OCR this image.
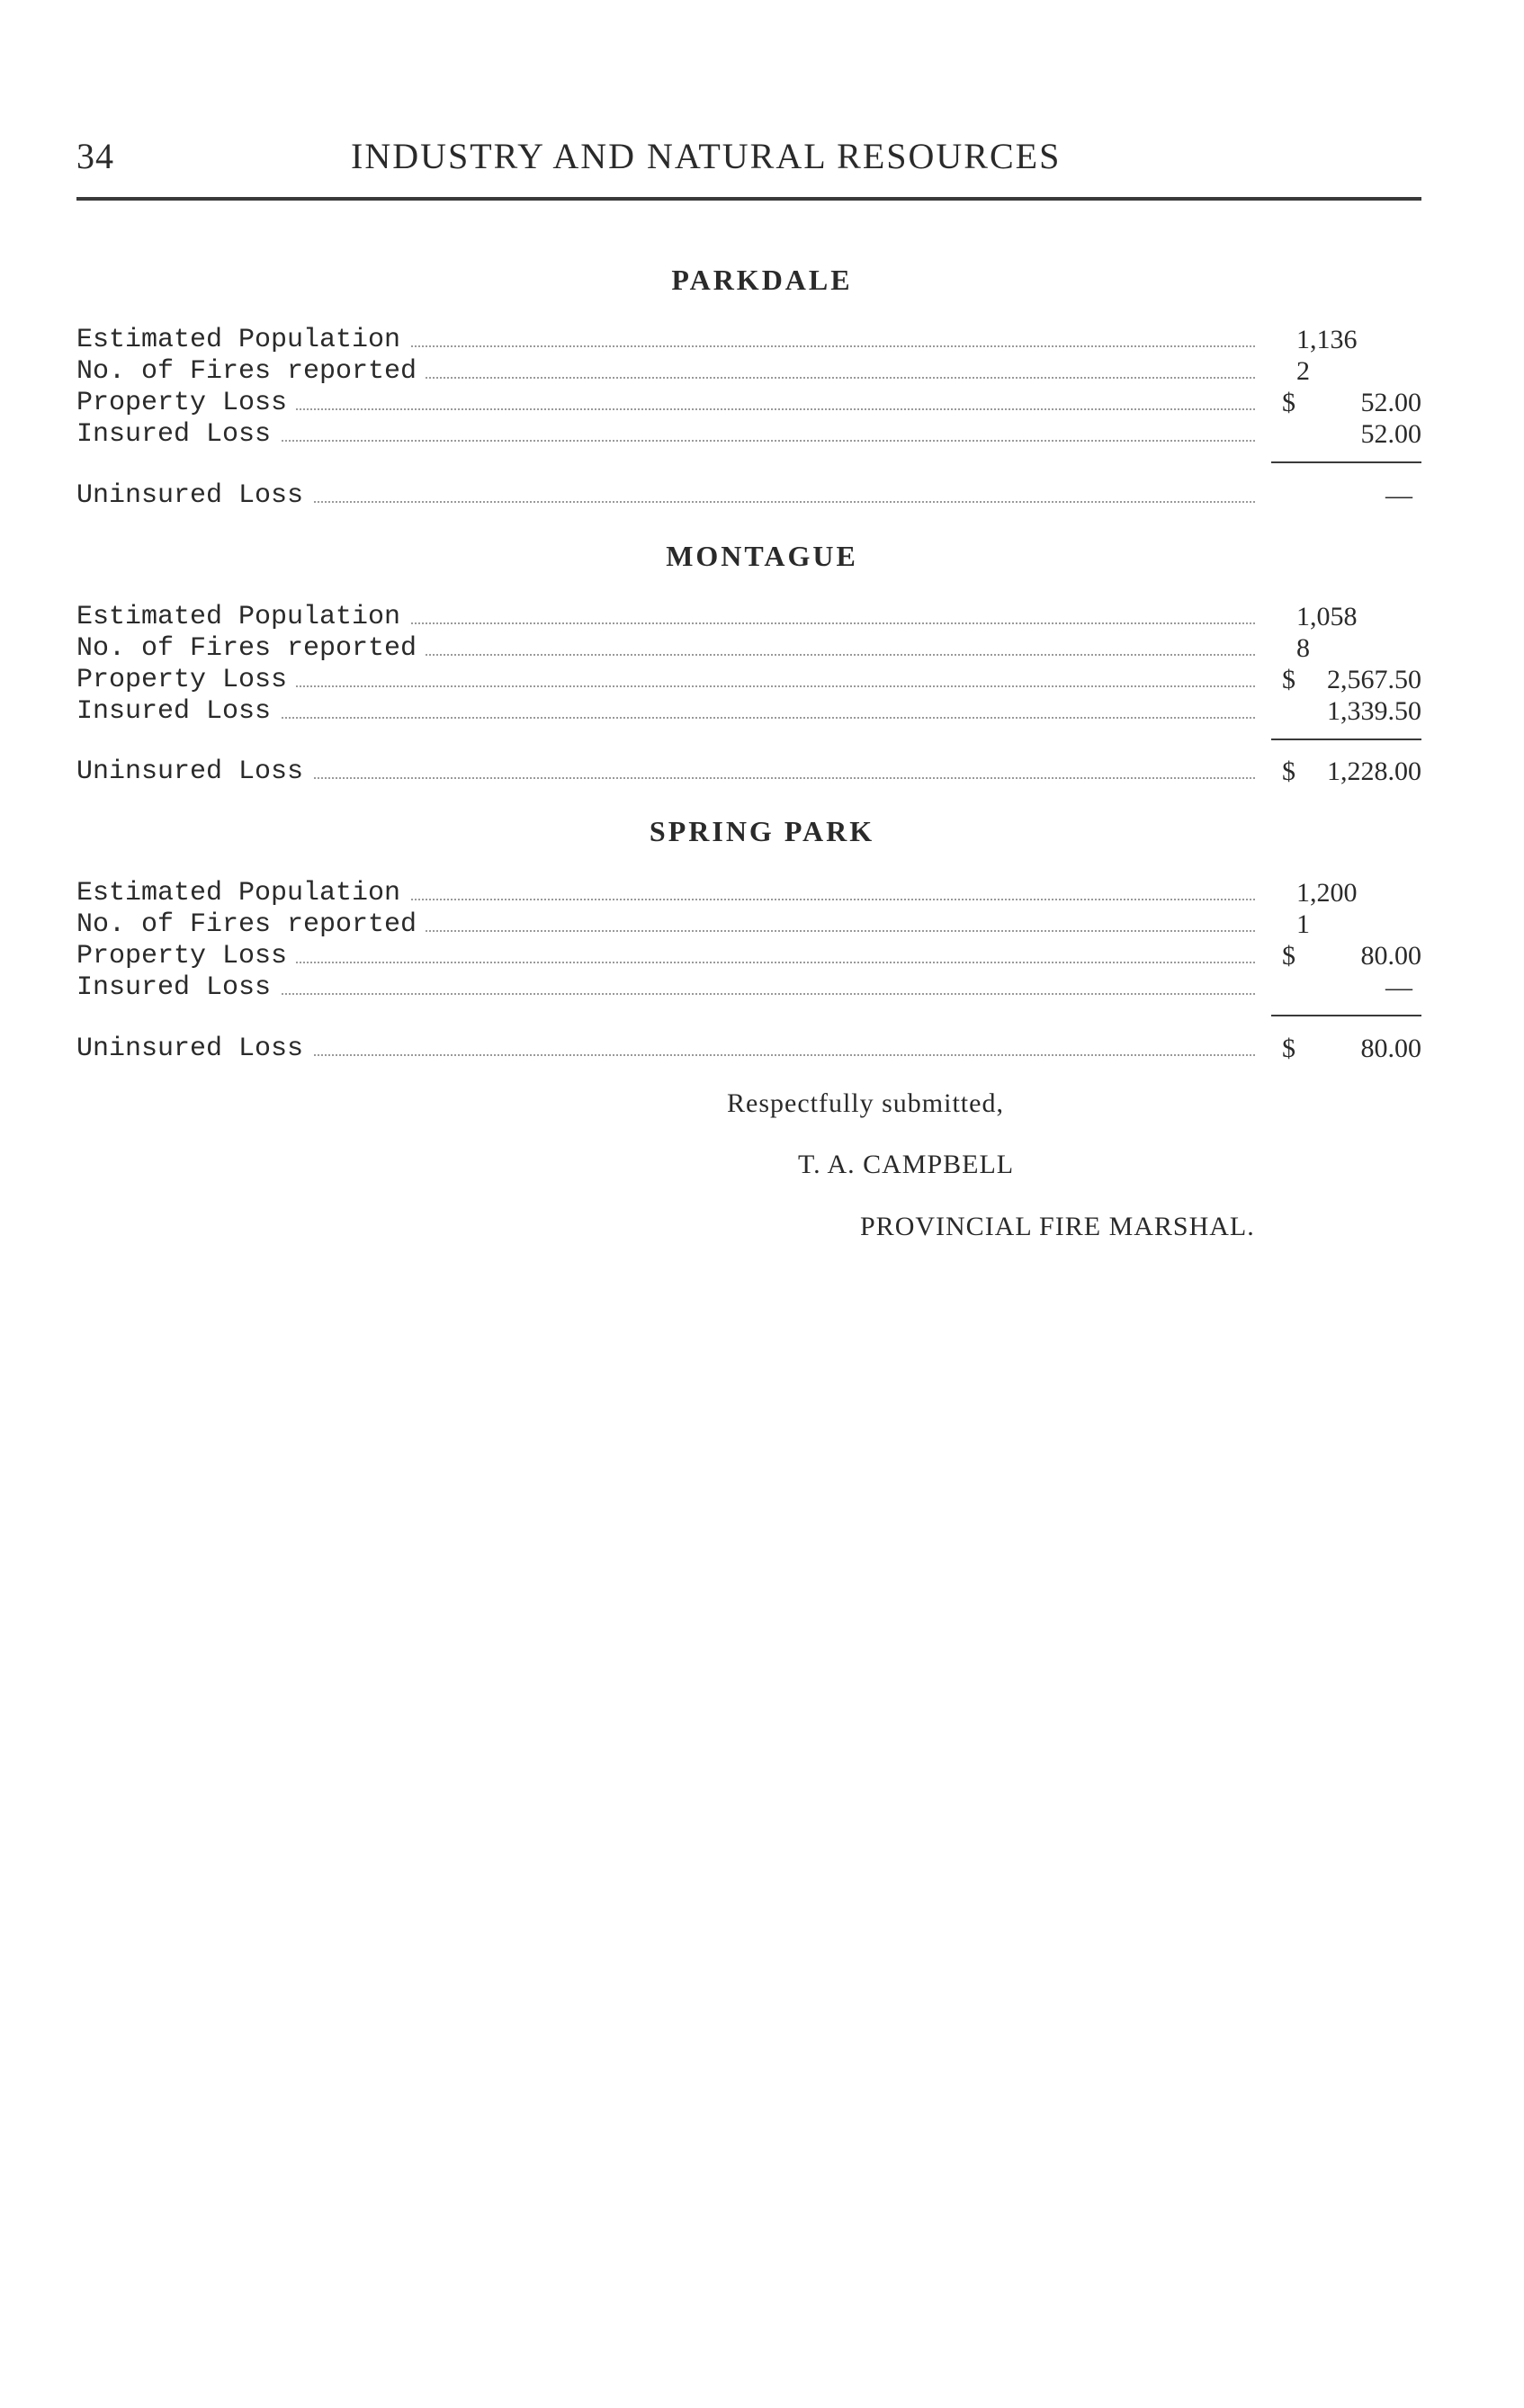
34	INDUSTRY AND NATURAL RESOURCES
PARKDALE
Estimated Population	1,136
No. of Fires reported	2
Property Loss	$ 52.00
Insured Loss	52.00
Uninsured Loss	—
MONTAGUE
Estimated Population	1,058
No. of Fires reported	8
Property Loss	$ 2,567.50
Insured Loss	1,339.50
Uninsured Loss	$ 1,228.00
SPRING PARK
Estimated Population	1,200
No. of Fires reported	1
Property Loss	$ 80.00
Insured Loss	—
Uninsured Loss	$ 80.00
Respectfully submitted,
T. A. CAMPBELL
PROVINCIAL FIRE MARSHAL.
